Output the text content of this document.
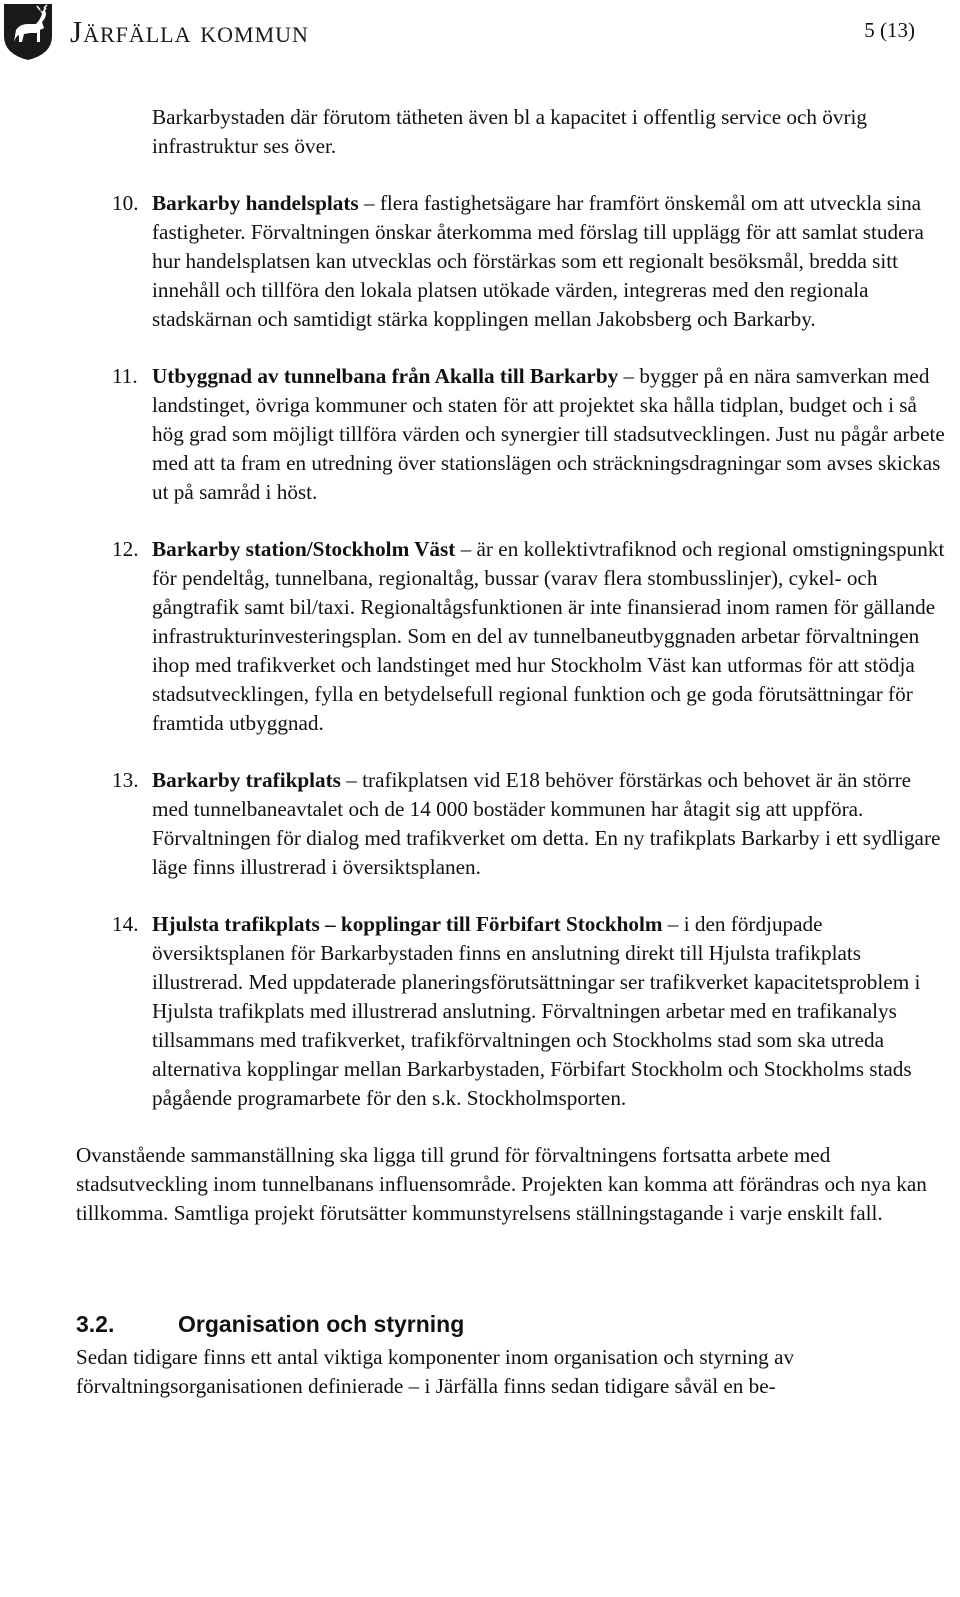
Järfälla kommun	5 (13)
Barkarbystaden där förutom tätheten även bl a kapacitet i offentlig service och övrig infrastruktur ses över.
10. Barkarby handelsplats – flera fastighetsägare har framfört önskemål om att utveckla sina fastigheter. Förvaltningen önskar återkomma med förslag till upplägg för att samlat studera hur handelsplatsen kan utvecklas och förstärkas som ett regionalt besöksmål, bredda sitt innehåll och tillföra den lokala platsen utökade värden, integreras med den regionala stadskärnan och samtidigt stärka kopplingen mellan Jakobsberg och Barkarby.
11. Utbyggnad av tunnelbana från Akalla till Barkarby – bygger på en nära samverkan med landstinget, övriga kommuner och staten för att projektet ska hålla tidplan, budget och i så hög grad som möjligt tillföra värden och synergier till stadsutvecklingen. Just nu pågår arbete med att ta fram en utredning över stationslägen och sträckningsdragningar som avses skickas ut på samråd i höst.
12. Barkarby station/Stockholm Väst – är en kollektivtrafiknod och regional omstigningspunkt för pendeltåg, tunnelbana, regionaltåg, bussar (varav flera stombusslinjer), cykel- och gångtrafik samt bil/taxi. Regionaltågsfunktionen är inte finansierad inom ramen för gällande infrastrukturinvesteringsplan. Som en del av tunnelbaneutbyggnaden arbetar förvaltningen ihop med trafikverket och landstinget med hur Stockholm Väst kan utformas för att stödja stadsutvecklingen, fylla en betydelsefull regional funktion och ge goda förutsättningar för framtida utbyggnad.
13. Barkarby trafikplats – trafikplatsen vid E18 behöver förstärkas och behovet är än större med tunnelbaneavtalet och de 14 000 bostäder kommunen har åtagit sig att uppföra. Förvaltningen för dialog med trafikverket om detta. En ny trafikplats Barkarby i ett sydligare läge finns illustrerad i översiktsplanen.
14. Hjulsta trafikplats – kopplingar till Förbifart Stockholm – i den fördjupade översiktsplanen för Barkarbystaden finns en anslutning direkt till Hjulsta trafikplats illustrerad. Med uppdaterade planeringsförutsättningar ser trafikverket kapacitetsproblem i Hjulsta trafikplats med illustrerad anslutning. Förvaltningen arbetar med en trafikanalys tillsammans med trafikverket, trafikförvaltningen och Stockholms stad som ska utreda alternativa kopplingar mellan Barkarbystaden, Förbifart Stockholm och Stockholms stads pågående programarbete för den s.k. Stockholmsporten.
Ovanstående sammanställning ska ligga till grund för förvaltningens fortsatta arbete med stadsutveckling inom tunnelbanans influensområde. Projekten kan komma att förändras och nya kan tillkomma. Samtliga projekt förutsätter kommunstyrelsens ställningstagande i varje enskilt fall.
3.2.	Organisation och styrning
Sedan tidigare finns ett antal viktiga komponenter inom organisation och styrning av förvaltningsorganisationen definierade – i Järfälla finns sedan tidigare såväl en be-
